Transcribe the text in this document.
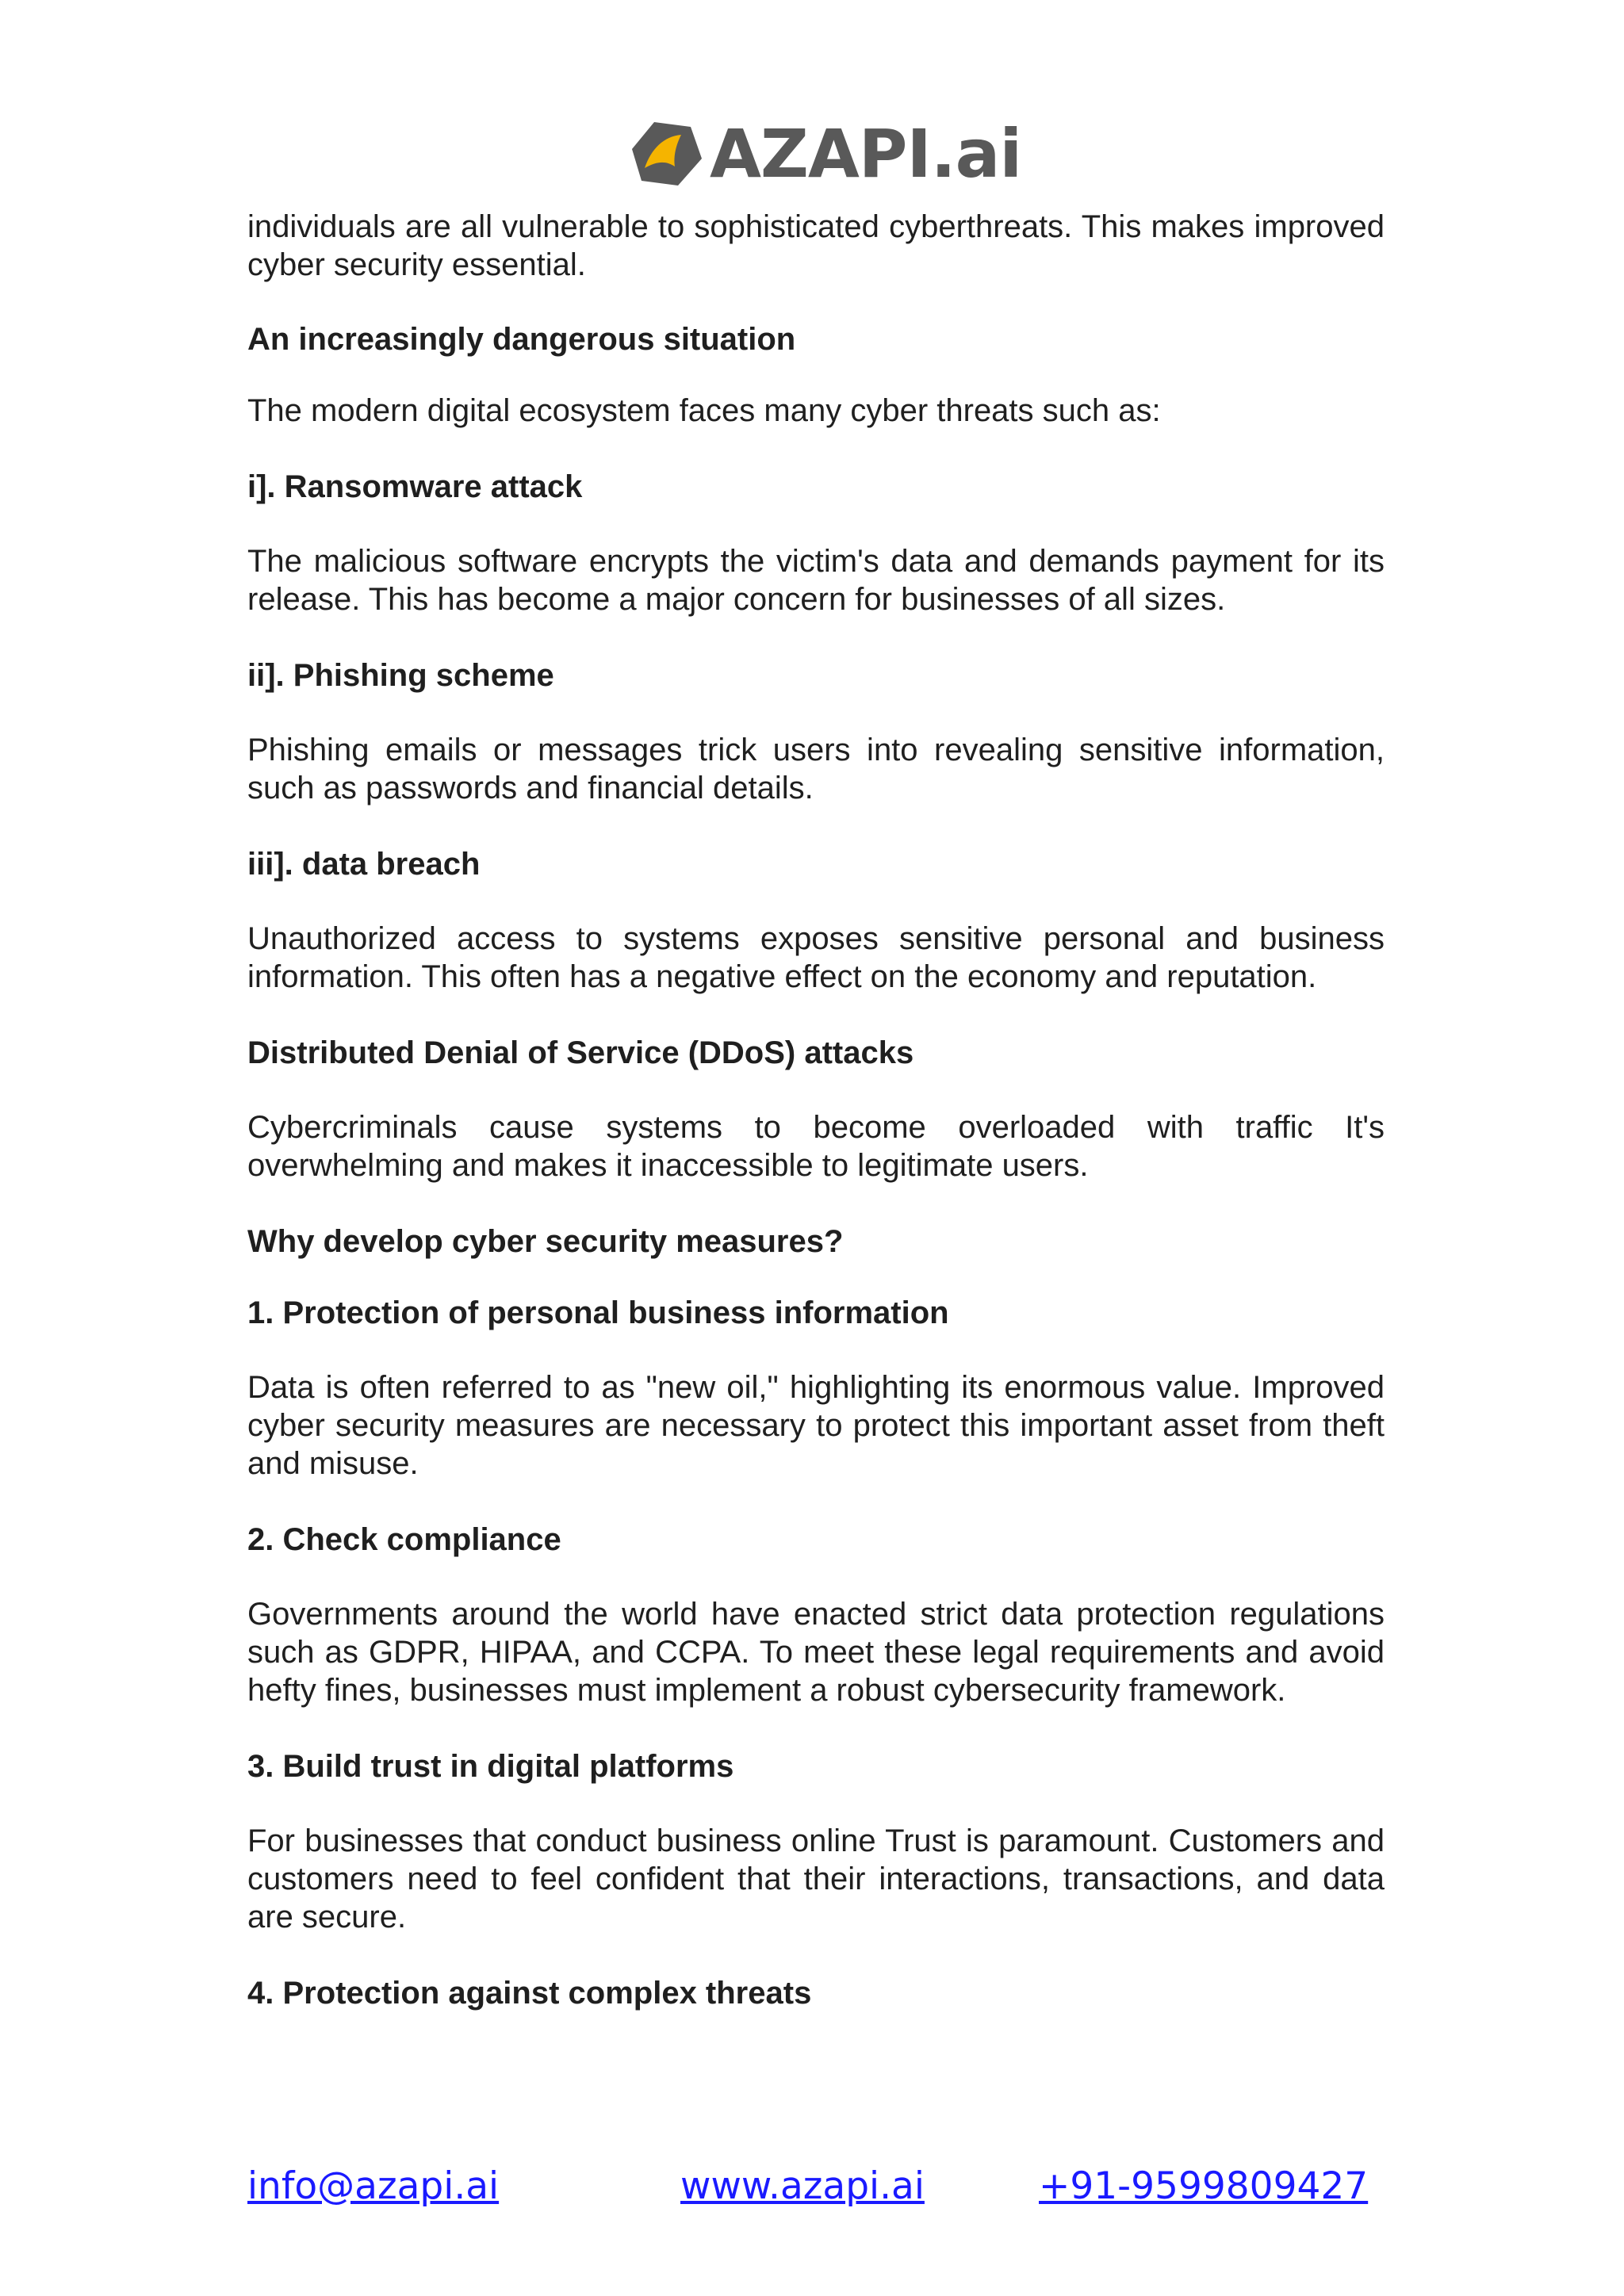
AZAPI.ai

individuals are all vulnerable to sophisticated cyberthreats. This makes improved cyber security essential.

An increasingly dangerous situation

The modern digital ecosystem faces many cyber threats such as:

i]. Ransomware attack

The malicious software encrypts the victim's data and demands payment for its release. This has become a major concern for businesses of all sizes.

ii]. Phishing scheme

Phishing emails or messages trick users into revealing sensitive information, such as passwords and financial details.

iii]. data breach

Unauthorized access to systems exposes sensitive personal and business information. This often has a negative effect on the economy and reputation.

Distributed Denial of Service (DDoS) attacks

Cybercriminals cause systems to become overloaded with traffic It's overwhelming and makes it inaccessible to legitimate users.

Why develop cyber security measures?
1. Protection of personal business information

Data is often referred to as "new oil," highlighting its enormous value. Improved cyber security measures are necessary to protect this important asset from theft and misuse.

2. Check compliance

Governments around the world have enacted strict data protection regulations such as GDPR, HIPAA, and CCPA. To meet these legal requirements and avoid hefty fines, businesses must implement a robust cybersecurity framework.

3. Build trust in digital platforms

For businesses that conduct business online Trust is paramount. Customers and customers need to feel confident that their interactions, transactions, and data are secure.

4. Protection against complex threats
info@azapi.ai	www.azapi.ai	+91-9599809427
